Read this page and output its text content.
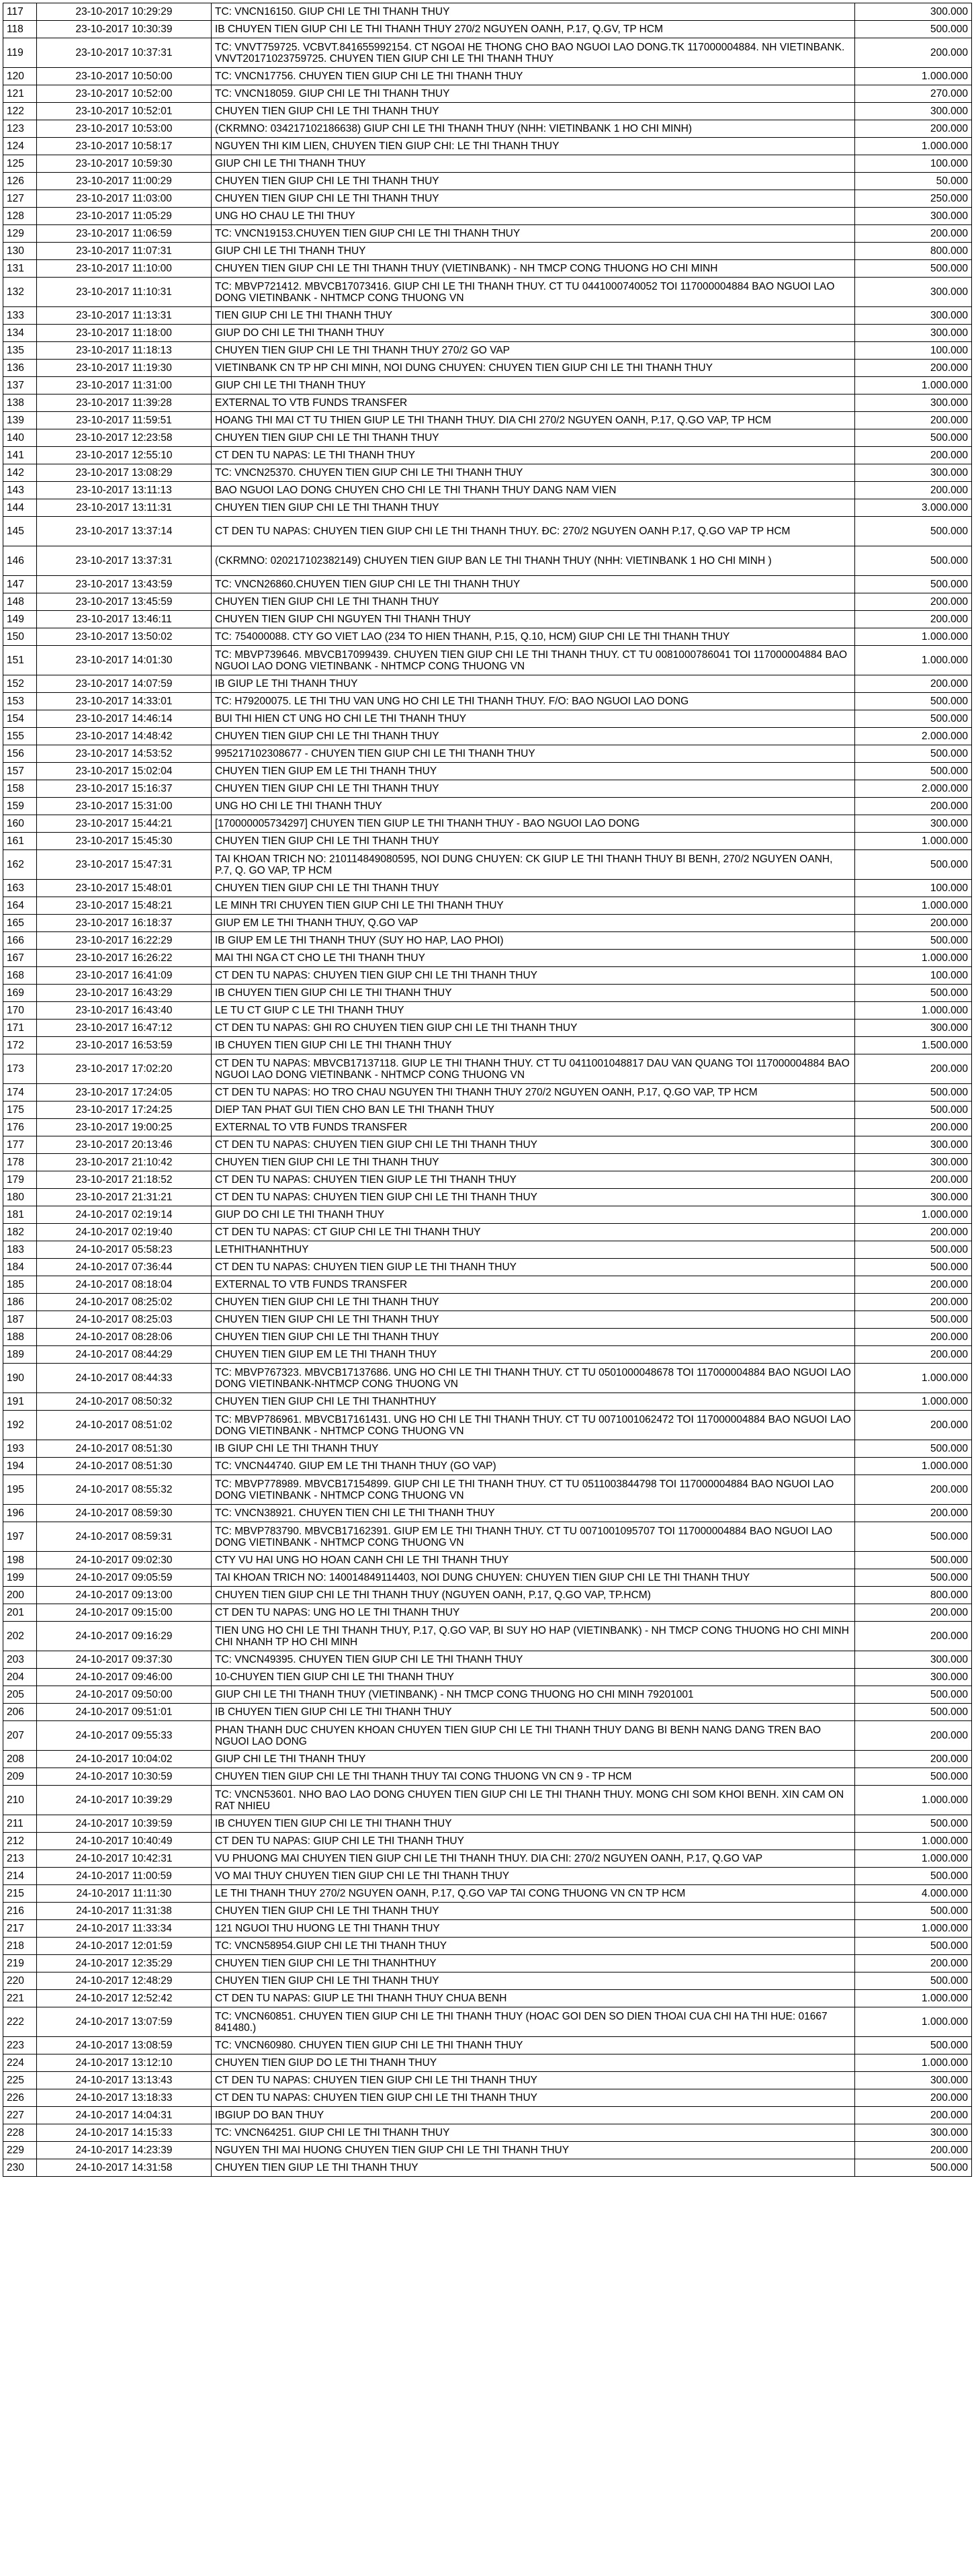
117	23-10-2017 10:29:29	TC: VNCN16150. GIUP CHI LE THI THANH THUY	300.000
118	23-10-2017 10:30:39	IB CHUYEN TIEN GIUP CHI LE THI THANH THUY 270/2 NGUYEN OANH, P.17, Q.GV, TP HCM	500.000
119	23-10-2017 10:37:31	TC: VNVT759725. VCBVT.841655992154. CT NGOAI HE THONG CHO BAO NGUOI LAO DONG.TK 117000004884. NH VIETINBANK. VNVT20171023759725. CHUYEN TIEN GIUP CHI LE THI THANH THUY	200.000
120	23-10-2017 10:50:00	TC: VNCN17756. CHUYEN TIEN GIUP CHI LE THI THANH THUY	1.000.000
121	23-10-2017 10:52:00	TC: VNCN18059. GIUP CHI LE THI THANH THUY	270.000
122	23-10-2017 10:52:01	CHUYEN TIEN GIUP CHI LE THI THANH THUY	300.000
123	23-10-2017 10:53:00	(CKRMNO: 034217102186638) GIUP CHI LE THI THANH THUY (NHH: VIETINBANK 1 HO CHI MINH)	200.000
124	23-10-2017 10:58:17	NGUYEN THI KIM LIEN, CHUYEN TIEN GIUP CHI: LE THI THANH THUY	1.000.000
125	23-10-2017 10:59:30	GIUP CHI LE THI THANH THUY	100.000
126	23-10-2017 11:00:29	CHUYEN TIEN GIUP CHI LE THI THANH THUY	50.000
127	23-10-2017 11:03:00	CHUYEN TIEN GIUP CHI LE THI THANH THUY	250.000
128	23-10-2017 11:05:29	UNG HO CHAU LE THI THUY	300.000
129	23-10-2017 11:06:59	TC: VNCN19153.CHUYEN TIEN GIUP CHI LE THI THANH THUY	200.000
130	23-10-2017 11:07:31	GIUP CHI LE THI THANH THUY	800.000
131	23-10-2017 11:10:00	CHUYEN TIEN GIUP CHI LE THI THANH THUY (VIETINBANK) - NH TMCP CONG THUONG HO CHI MINH	500.000
132	23-10-2017 11:10:31	TC: MBVP721412. MBVCB17073416. GIUP CHI LE THI THANH THUY. CT TU 0441000740052 TOI 117000004884 BAO NGUOI LAO DONG VIETINBANK - NHTMCP CONG THUONG VN	300.000
133	23-10-2017 11:13:31	TIEN GIUP CHI LE THI THANH THUY	300.000
134	23-10-2017 11:18:00	GIUP DO CHI LE THI THANH THUY	300.000
135	23-10-2017 11:18:13	CHUYEN TIEN GIUP CHI LE THI THANH THUY 270/2 GO VAP	100.000
136	23-10-2017 11:19:30	VIETINBANK CN TP HP CHI MINH, NOI DUNG CHUYEN: CHUYEN TIEN GIUP CHI LE THI THANH THUY	200.000
137	23-10-2017 11:31:00	GIUP CHI LE THI THANH THUY	1.000.000
138	23-10-2017 11:39:28	EXTERNAL TO VTB FUNDS TRANSFER	300.000
139	23-10-2017 11:59:51	HOANG THI MAI CT TU THIEN GIUP LE THI THANH THUY. DIA CHI 270/2 NGUYEN OANH, P.17, Q.GO VAP, TP HCM	200.000
140	23-10-2017 12:23:58	CHUYEN TIEN GIUP CHI LE THI THANH THUY	500.000
141	23-10-2017 12:55:10	CT DEN TU NAPAS: LE THI THANH THUY	200.000
142	23-10-2017 13:08:29	TC: VNCN25370. CHUYEN TIEN GIUP CHI LE THI THANH THUY	300.000
143	23-10-2017 13:11:13	BAO NGUOI LAO DONG CHUYEN CHO CHI LE THI THANH THUY DANG NAM VIEN	200.000
144	23-10-2017 13:11:31	CHUYEN TIEN GIUP CHI LE THI THANH THUY	3.000.000
145	23-10-2017 13:37:14	CT DEN TU NAPAS: CHUYEN TIEN GIUP CHI LE THI THANH THUY. ĐC: 270/2 NGUYEN OANH P.17, Q.GO VAP TP HCM	500.000
146	23-10-2017 13:37:31	(CKRMNO: 020217102382149) CHUYEN TIEN GIUP BAN LE THI THANH THUY (NHH: VIETINBANK 1 HO CHI MINH )	500.000
147	23-10-2017 13:43:59	TC: VNCN26860.CHUYEN TIEN GIUP CHI LE THI THANH THUY	500.000
148	23-10-2017 13:45:59	CHUYEN TIEN GIUP CHI LE THI THANH THUY	200.000
149	23-10-2017 13:46:11	CHUYEN TIEN GIUP CHI NGUYEN THI THANH THUY	200.000
150	23-10-2017 13:50:02	TC: 754000088. CTY GO VIET LAO (234 TO HIEN THANH, P.15, Q.10, HCM) GIUP CHI LE THI THANH THUY	1.000.000
151	23-10-2017 14:01:30	TC: MBVP739646. MBVCB17099439. CHUYEN TIEN GIUP CHI LE THI THANH THUY. CT TU 0081000786041 TOI 117000004884 BAO NGUOI LAO DONG VIETINBANK - NHTMCP CONG THUONG VN	1.000.000
152	23-10-2017 14:07:59	IB GIUP LE THI THANH THUY	200.000
153	23-10-2017 14:33:01	TC: H79200075. LE THI THU VAN UNG HO CHI LE THI THANH THUY. F/O: BAO NGUOI LAO DONG	500.000
154	23-10-2017 14:46:14	BUI THI HIEN CT UNG HO CHI LE THI THANH THUY	500.000
155	23-10-2017 14:48:42	CHUYEN TIEN GIUP CHI LE THI THANH THUY	2.000.000
156	23-10-2017 14:53:52	995217102308677 - CHUYEN TIEN GIUP CHI LE THI THANH THUY	500.000
157	23-10-2017 15:02:04	CHUYEN TIEN GIUP EM LE THI THANH THUY	500.000
158	23-10-2017 15:16:37	CHUYEN TIEN GIUP CHI LE THI THANH THUY	2.000.000
159	23-10-2017 15:31:00	UNG HO CHI LE THI THANH THUY	200.000
160	23-10-2017 15:44:21	[170000005734297] CHUYEN TIEN GIUP LE THI THANH THUY - BAO NGUOI LAO DONG	300.000
161	23-10-2017 15:45:30	CHUYEN TIEN GIUP CHI LE THI THANH THUY	1.000.000
162	23-10-2017 15:47:31	TAI KHOAN TRICH NO: 210114849080595, NOI DUNG CHUYEN: CK GIUP LE THI THANH THUY BI BENH, 270/2 NGUYEN OANH, P.7, Q. GO VAP, TP HCM	500.000
163	23-10-2017 15:48:01	CHUYEN TIEN GIUP CHI LE THI THANH THUY	100.000
164	23-10-2017 15:48:21	LE MINH TRI CHUYEN TIEN GIUP CHI LE THI THANH THUY	1.000.000
165	23-10-2017 16:18:37	GIUP EM LE THI THANH THUY, Q.GO VAP	200.000
166	23-10-2017 16:22:29	IB GIUP EM LE THI THANH THUY (SUY HO HAP, LAO PHOI)	500.000
167	23-10-2017 16:26:22	MAI THI NGA CT CHO LE THI THANH THUY	1.000.000
168	23-10-2017 16:41:09	CT DEN TU NAPAS: CHUYEN TIEN GIUP CHI LE THI THANH THUY	100.000
169	23-10-2017 16:43:29	IB CHUYEN TIEN GIUP CHI LE THI THANH THUY	500.000
170	23-10-2017 16:43:40	LE TU CT GIUP C LE THI THANH THUY	1.000.000
171	23-10-2017 16:47:12	CT DEN TU NAPAS: GHI RO CHUYEN TIEN GIUP CHI LE THI THANH THUY	300.000
172	23-10-2017 16:53:59	IB CHUYEN TIEN GIUP CHI LE THI THANH THUY	1.500.000
173	23-10-2017 17:02:20	CT DEN TU NAPAS: MBVCB17137118. GIUP LE THI THANH THUY. CT TU 0411001048817 DAU VAN QUANG TOI 117000004884 BAO NGUOI LAO DONG VIETINBANK - NHTMCP CONG THUONG VN	200.000
174	23-10-2017 17:24:05	CT DEN TU NAPAS: HO TRO CHAU NGUYEN THI THANH THUY 270/2 NGUYEN OANH, P.17, Q.GO VAP, TP HCM	500.000
175	23-10-2017 17:24:25	DIEP TAN PHAT GUI TIEN CHO BAN LE THI THANH THUY	500.000
176	23-10-2017 19:00:25	EXTERNAL TO VTB FUNDS TRANSFER	200.000
177	23-10-2017 20:13:46	CT DEN TU NAPAS: CHUYEN TIEN GIUP CHI LE THI THANH THUY	300.000
178	23-10-2017 21:10:42	CHUYEN TIEN GIUP CHI LE THI THANH THUY	300.000
179	23-10-2017 21:18:52	CT DEN TU NAPAS: CHUYEN TIEN GIUP LE THI THANH THUY	200.000
180	23-10-2017 21:31:21	CT DEN TU NAPAS: CHUYEN TIEN GIUP CHI LE THI THANH THUY	300.000
181	24-10-2017 02:19:14	GIUP DO CHI LE THI THANH THUY	1.000.000
182	24-10-2017 02:19:40	CT DEN TU NAPAS: CT GIUP CHI LE THI THANH THUY	200.000
183	24-10-2017 05:58:23	LETHITHANHTHUY	500.000
184	24-10-2017 07:36:44	CT DEN TU NAPAS: CHUYEN TIEN GIUP LE THI THANH THUY	500.000
185	24-10-2017 08:18:04	EXTERNAL TO VTB FUNDS TRANSFER	200.000
186	24-10-2017 08:25:02	CHUYEN TIEN GIUP CHI LE THI THANH THUY	200.000
187	24-10-2017 08:25:03	CHUYEN TIEN GIUP CHI LE THI THANH THUY	500.000
188	24-10-2017 08:28:06	CHUYEN TIEN GIUP CHI LE THI THANH THUY	200.000
189	24-10-2017 08:44:29	CHUYEN TIEN GIUP EM LE THI THANH THUY	200.000
190	24-10-2017 08:44:33	TC: MBVP767323. MBVCB17137686. UNG HO CHI LE THI THANH THUY. CT TU 0501000048678 TOI 117000004884 BAO NGUOI LAO DONG VIETINBANK-NHTMCP CONG THUONG VN	1.000.000
191	24-10-2017 08:50:32	CHUYEN TIEN GIUP CHI LE THI THANHTHUY	1.000.000
192	24-10-2017 08:51:02	TC: MBVP786961. MBVCB17161431. UNG HO CHI LE THI THANH THUY. CT TU 0071001062472 TOI 117000004884 BAO NGUOI LAO DONG VIETINBANK - NHTMCP CONG THUONG VN	200.000
193	24-10-2017 08:51:30	IB GIUP CHI LE THI THANH THUY	500.000
194	24-10-2017 08:51:30	TC: VNCN44740. GIUP EM LE THI THANH THUY (GO VAP)	1.000.000
195	24-10-2017 08:55:32	TC: MBVP778989. MBVCB17154899. GIUP CHI LE THI THANH THUY. CT TU 0511003844798 TOI 117000004884 BAO NGUOI LAO DONG VIETINBANK - NHTMCP CONG THUONG VN	200.000
196	24-10-2017 08:59:30	TC: VNCN38921. CHUYEN TIEN CHI LE THI THANH THUY	200.000
197	24-10-2017 08:59:31	TC: MBVP783790. MBVCB17162391. GIUP EM LE THI THANH THUY. CT TU 0071001095707 TOI 117000004884 BAO NGUOI LAO DONG VIETINBANK - NHTMCP CONG THUONG VN	500.000
198	24-10-2017 09:02:30	CTY VU HAI UNG HO HOAN CANH CHI LE THI THANH THUY	500.000
199	24-10-2017 09:05:59	TAI KHOAN TRICH NO: 140014849114403, NOI DUNG CHUYEN: CHUYEN TIEN GIUP CHI LE THI THANH THUY	500.000
200	24-10-2017 09:13:00	CHUYEN TIEN GIUP CHI LE THI THANH THUY (NGUYEN OANH, P.17, Q.GO VAP, TP.HCM)	800.000
201	24-10-2017 09:15:00	CT DEN TU NAPAS: UNG HO LE THI THANH THUY	200.000
202	24-10-2017 09:16:29	TIEN UNG HO CHI LE THI THANH THUY, P.17, Q.GO VAP, BI SUY HO HAP (VIETINBANK) - NH TMCP CONG THUONG HO CHI MINH CHI NHANH TP HO CHI MINH	200.000
203	24-10-2017 09:37:30	TC: VNCN49395. CHUYEN TIEN GIUP CHI LE THI THANH THUY	300.000
204	24-10-2017 09:46:00	10-CHUYEN TIEN GIUP CHI LE THI THANH THUY	300.000
205	24-10-2017 09:50:00	GIUP CHI LE THI THANH THUY (VIETINBANK) - NH TMCP CONG THUONG HO CHI MINH 79201001	500.000
206	24-10-2017 09:51:01	IB CHUYEN TIEN GIUP CHI LE THI THANH THUY	500.000
207	24-10-2017 09:55:33	PHAN THANH DUC CHUYEN KHOAN CHUYEN TIEN GIUP CHI LE THI THANH THUY DANG BI BENH NANG DANG TREN BAO NGUOI LAO DONG	200.000
208	24-10-2017 10:04:02	GIUP CHI LE THI THANH THUY	200.000
209	24-10-2017 10:30:59	CHUYEN TIEN GIUP CHI LE THI THANH THUY TAI CONG THUONG VN CN 9 - TP HCM	500.000
210	24-10-2017 10:39:29	TC: VNCN53601. NHO BAO LAO DONG CHUYEN TIEN GIUP CHI LE THI THANH THUY. MONG CHI SOM KHOI BENH. XIN CAM ON RAT NHIEU	1.000.000
211	24-10-2017 10:39:59	IB CHUYEN TIEN GIUP CHI LE THI THANH THUY	500.000
212	24-10-2017 10:40:49	CT DEN TU NAPAS: GIUP CHI LE THI THANH THUY	1.000.000
213	24-10-2017 10:42:31	VU PHUONG MAI CHUYEN TIEN GIUP CHI LE THI THANH THUY. DIA CHI: 270/2 NGUYEN OANH, P.17, Q.GO VAP	1.000.000
214	24-10-2017 11:00:59	VO MAI THUY CHUYEN TIEN GIUP CHI LE THI THANH THUY	500.000
215	24-10-2017 11:11:30	LE THI THANH THUY 270/2 NGUYEN OANH, P.17, Q.GO VAP TAI CONG THUONG VN CN TP HCM	4.000.000
216	24-10-2017 11:31:38	CHUYEN TIEN GIUP CHI LE THI THANH THUY	500.000
217	24-10-2017 11:33:34	121 NGUOI THU HUONG LE THI THANH THUY	1.000.000
218	24-10-2017 12:01:59	TC: VNCN58954.GIUP CHI LE THI THANH THUY	500.000
219	24-10-2017 12:35:29	CHUYEN TIEN GIUP CHI LE THI THANHTHUY	200.000
220	24-10-2017 12:48:29	CHUYEN TIEN GIUP CHI LE THI THANH THUY	500.000
221	24-10-2017 12:52:42	CT DEN TU NAPAS: GIUP LE THI THANH THUY CHUA BENH	1.000.000
222	24-10-2017 13:07:59	TC: VNCN60851. CHUYEN TIEN GIUP CHI LE THI THANH THUY (HOAC GOI DEN SO DIEN THOAI CUA CHI HA THI HUE: 01667 841480.)	1.000.000
223	24-10-2017 13:08:59	TC: VNCN60980. CHUYEN TIEN GIUP CHI LE THI THANH THUY	500.000
224	24-10-2017 13:12:10	CHUYEN TIEN GIUP DO LE THI THANH THUY	1.000.000
225	24-10-2017 13:13:43	CT DEN TU NAPAS: CHUYEN TIEN GIUP CHI LE THI THANH THUY	300.000
226	24-10-2017 13:18:33	CT DEN TU NAPAS: CHUYEN TIEN GIUP CHI LE THI THANH THUY	200.000
227	24-10-2017 14:04:31	IBGIUP DO BAN THUY	200.000
228	24-10-2017 14:15:33	TC: VNCN64251. GIUP CHI LE THI THANH THUY	300.000
229	24-10-2017 14:23:39	NGUYEN THI MAI HUONG CHUYEN TIEN GIUP CHI LE THI THANH THUY	200.000
230	24-10-2017 14:31:58	CHUYEN TIEN GIUP LE THI THANH THUY	500.000
